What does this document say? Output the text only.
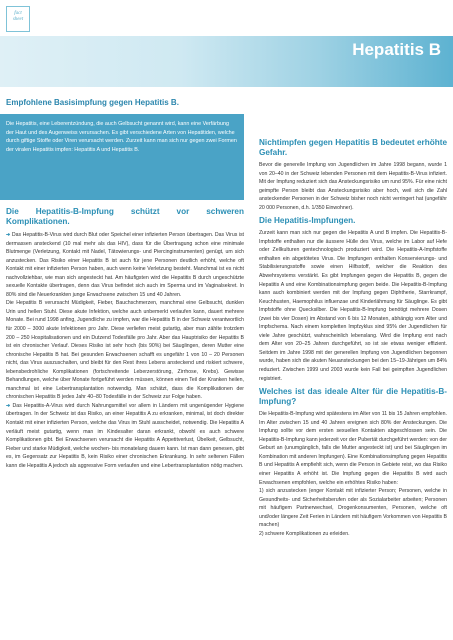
fact
sheet
Hepatitis B
Empfohlene Basisimpfung gegen Hepatitis B.
Die Hepatitis, eine Leberentzündung, die auch Gelbsucht genannt wird, kann eine Verfärbung der Haut und des Augenweiss verursachen. Es gibt verschiedene Arten von Hepatitiden, welche durch giftige Stoffe oder Viren verursacht werden. Zurzeit kann man sich nur gegen zwei Formen der viralen Hepatitis impfen: Hepatitis A und Hepatitis B.
Die Hepatitis-B-Impfung schützt vor schweren Komplikationen.

➔ Das Hepatitis-B-Virus wird durch Blut oder Speichel einer infizierten Person übertragen. Das Virus ist dermassen ansteckend (10 mal mehr als das HIV), dass für die Übertragung schon eine minimale Blutmenge (Verletzung, Kontakt mit Nadel, Tätowierungs- und Piercinginstrumenten) genügt, um sich anzustecken. Das Risiko einer Hepatitis B ist auch für jene Personen deutlich erhöht, welche oft Kontakt mit einer infizierten Person haben, auch wenn keine Verletzung besteht. Manchmal ist es nicht nachvollziehbar, wie man sich angesteckt hat. Am häufigsten wird die Hepatitis B durch ungeschützte sexuelle Kontakte übertragen, denn das Virus befindet sich auch im Sperma und im Vaginalsekret. In 80% sind die Neuerkrankten junge Erwachsene zwischen 15 und 40 Jahren.

Die Hepatitis B verursacht Müdigkeit, Fieber, Bauchschmerzen, manchmal eine Gelbsucht, dunklen Urin und hellen Stuhl. Diese akute Infektion, welche auch unbemerkt verlaufen kann, dauert mehrere Monate. Bei rund 1998 anfing, Jugendliche zu impfen, war die Hepatitis B in der Schweiz verantwortlich für 2000 – 3000 akute Infektionen pro Jahr. Diese verliefen meist gutartig, aber man zählte trotzdem 200 – 250 Hospitalisationen und ein Dutzend Todesfälle pro Jahr. Aber das Hauptrisiko der Hepatitis B ist ein chronischer Verlauf. Dieses Risiko ist sehr hoch (bis 90%) bei Säuglingen, deren Mutter eine chronische Hepatitis B hat. Bei gesunden Erwachsenen schafft es ungefähr 1 von 10 – 20 Personen nicht, das Virus auszuschalten, und bleibt für den Rest ihres Lebens ansteckend und riskiert schwere, lebensbedrohliche Komplikationen (fortschreitende Leberzerstörung, Zirrhose, Krebs). Gewisse Behandlungen, welche über Monate fortgeführt werden müssen, können einen Teil der Kranken heilen, manchmal ist eine Lebertransplantation notwendig. Man schätzt, dass die Komplikationen der chronischen Hepatitis B jedes Jahr 40–80 Todesfälle in der Schweiz zur Folge haben.

➔ Das Hepatitis-A-Virus wird durch Nahrungsmittel vor allem in Ländern mit ungenügender Hygiene übertragen. In der Schweiz ist das Risiko, an einer Hepatitis A zu erkranken, minimal, ist doch direkter Kontakt mit einer infizierten Person, welche das Virus im Stuhl ausscheidet, notwendig. Die Hepatitis A verläuft meist gutartig, wenn man im Kindesalter daran erkrankt, obwohl es auch schwere Komplikationen gibt. Bei Erwachsenen verursacht die Hepatitis A Appetitverlust, Übelkeit, Gelbsucht, Fieber und starke Müdigkeit, welche wochen- bis monatelang dauern kann. Ist man dann genesen, gibt es, im Gegensatz zur Hepatitis B, kein Risiko einer chronischen Erkrankung. In sehr seltenen Fällen kann die Hepatitis A jedoch als aggressive Form verlaufen und eine Lebertransplantation nötig machen.

Nichtimpfen gegen Hepatitis B bedeutet erhöhte Gefahr.

Bevor die generelle Impfung von Jugendlichen im Jahre 1998 begann, wurde 1 von 20–40 in der Schweiz lebenden Personen mit dem Hepatitis-B-Virus infiziert. Mit der Impfung reduziert sich das Ansteckungsrisiko um rund 95%. Für eine nicht geimpfte Person bleibt das Ansteckungsrisiko aber hoch, weil sich die Zahl ansteckender Personen in der Schweiz bisher noch nicht verringert hat (ungefähr 20 000 Personen, d.h. 1/350 Einwohner).

Die Hepatitis-Impfungen.

Zurzeit kann man sich nur gegen die Hepatitis A und B impfen. Die Hepatitis-B-Impfstoffe enthalten nur die äussere Hülle des Virus, welche im Labor auf Hefe oder Zellkulturen gentechnologisch produziert wird. Die Hepatitis-A-Impfstoffe enthalten ein abgetötetes Virus. Die Impfungen enthalten Konservierungs- und Stabilisierungsstoffe sowie einen Hilfsstoff, welcher die Reaktion des Abwehrsystems verstärkt. Es gibt Impfungen gegen die Hepatitis B, gegen die Hepatitis A und eine Kombinationsimpfung gegen beide. Die Hepatitis-B-Impfung kann auch kombiniert werden mit der Impfung gegen Diphtherie, Starrkrampf, Keuchhusten, Haemophilus influenzae und Kinderlähmung für Säuglinge. Es gibt Impfstoffe ohne Quecksilber. Die Hepatitis-B-Impfung benötigt mehrere Dosen (zwei bis vier Dosen) im Abstand von 6 bis 12 Monaten, abhängig vom Alter und Impfschema. Nach einem kompletten Impfzyklus sind 95% der Jugendlichen für viele Jahre geschützt, wahrscheinlich lebenslang. Wird die Impfung erst nach dem Alter von 20–25 Jahren durchgeführt, so ist sie etwas weniger effizient. Seitdem im Jahre 1998 mit der generellen Impfung von Jugendlichen begonnen wurde, haben sich die akuten Neuansteckungen bei den 15–19-Jährigen um 84% reduziert. Zwischen 1999 und 2003 wurde kein Fall bei geimpften Jugendlichen registriert.

Welches ist das ideale Alter für die Hepatitis-B-Impfung?

Die Hepatitis-B-Impfung wird spätestens im Alter von 11 bis 15 Jahren empfohlen. Im Alter zwischen 15 und 40 Jahren ereignen sich 80% der Ansteckungen. Die Impfung sollte vor dem ersten sexuellen Kontakten abgeschlossen sein. Die Hepatitis-B-Impfung kann jederzeit vor der Pubertät durchgeführt werden: von der Geburt an (unumgänglich, falls die Mutter angesteckt ist) und bei Säuglingen im Kombination mit anderen Impfungen). Eine Kombinationsimpfung gegen Hepatitis B und Hepatitis A empfiehlt sich, wenn die Person in Gebiete reist, wo das Risiko einer Hepatitis A erhöht ist. Die Impfung gegen die Hepatitis B wird auch Erwachsenen empfohlen, welche ein erhöhtes Risiko haben:

1) sich anzustecken (enger Kontakt mit infizierter Person; Personen, welche in Gesundheits- und Sicherheitsberufen oder als Sozialarbeiter arbeiten; Personen mit häufigem Partnerwechsel, Drogenkonsumenten, Personen, welche oft und/oder längere Zeit Ferien in Ländern mit häufigem Vorkommen von Hepatitis B machen)

2) schwere Komplikationen zu erleiden.
